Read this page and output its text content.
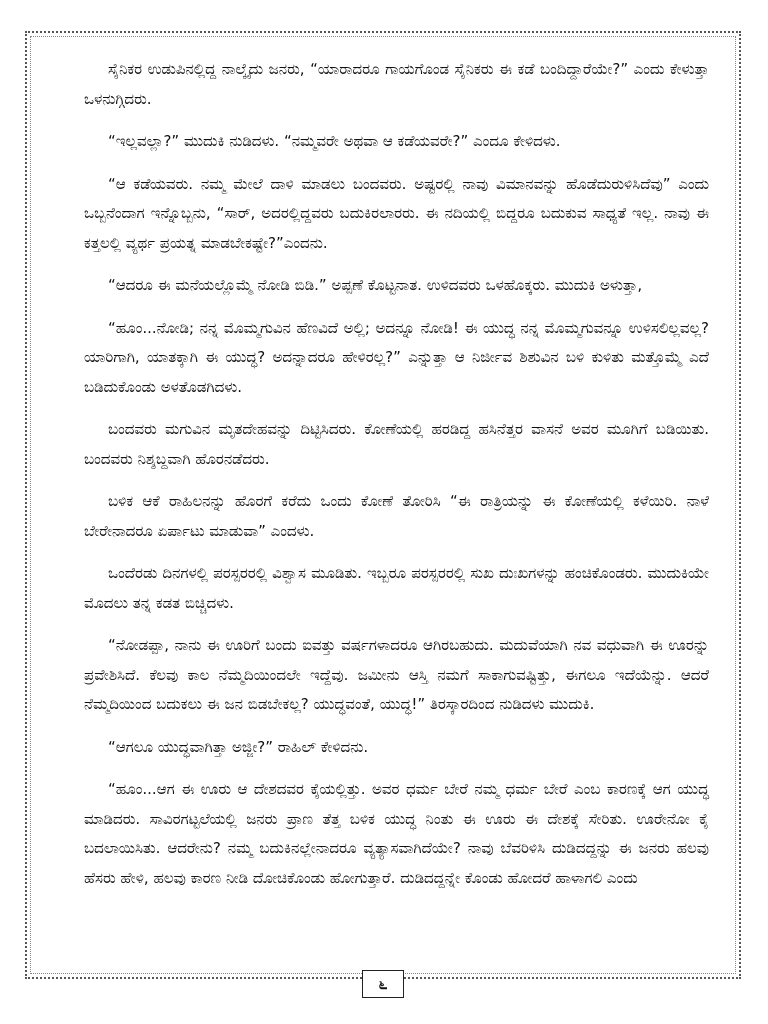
ಸೈನಿಕರ ಉಡುಪಿನಲ್ಲಿದ್ದ ನಾಲ್ಕೈದು ಜನರು, “ಯಾರಾದರೂ ಗಾಯಗೊಂಡ ಸೈನಿಕರು ಈ ಕಡೆ ಬಂದಿದ್ದಾರೆಯೇ?” ಎಂದು ಕೇಳುತ್ತಾ ಒಳನುಗ್ಗಿದರು.

“ಇಲ್ಲವಲ್ಲಾ?” ಮುದುಕಿ ನುಡಿದಳು. “ನಮ್ಮವರೇ ಅಥವಾ ಆ ಕಡೆಯವರೇ?” ಎಂದೂ ಕೇಳಿದಳು.

“ಆ ಕಡೆಯವರು. ನಮ್ಮ ಮೇಲೆ ದಾಳಿ ಮಾಡಲು ಬಂದವರು. ಅಷ್ಟರಲ್ಲಿ ನಾವು ವಿಮಾನವನ್ನು ಹೊಡೆದುರುಳಿಸಿದೆವು” ಎಂದು ಒಬ್ಬನೆಂದಾಗ ಇನ್ನೊಬ್ಬನು, “ಸಾರ್, ಅದರಲ್ಲಿದ್ದವರು ಬದುಕಿರಲಾರರು. ಈ ನದಿಯಲ್ಲಿ ಬಿದ್ದರೂ ಬದುಕುವ ಸಾಧ್ಯತೆ ಇಲ್ಲ. ನಾವು ಈ ಕತ್ತಲಲ್ಲಿ ವ್ಯರ್ಥ ಪ್ರಯತ್ನ ಮಾಡಬೇಕಷ್ಟೇ?”ಎಂದನು.

“ಆದರೂ ಈ ಮನೆಯಲ್ಲೊಮ್ಮೆ ನೋಡಿ ಬಿಡಿ.” ಅಪ್ಪಣೆ ಕೊಟ್ಟನಾತ. ಉಳಿದವರು ಒಳಹೊಕ್ಕರು. ಮುದುಕಿ ಅಳುತ್ತಾ,

“ಹೂಂ...ನೋಡಿ; ನನ್ನ ಮೊಮ್ಮಗುವಿನ ಹೆಣವಿದೆ ಅಲ್ಲಿ; ಅದನ್ನೂ ನೋಡಿ! ಈ ಯುದ್ಧ ನನ್ನ ಮೊಮ್ಮಗುವನ್ನೂ ಉಳಿಸಲಿಲ್ಲವಲ್ಲ? ಯಾರಿಗಾಗಿ, ಯಾತಕ್ಕಾಗಿ ಈ ಯುದ್ಧ? ಅದನ್ನಾದರೂ ಹೇಳಿರಲ್ಲ?” ಎನ್ನುತ್ತಾ ಆ ನಿರ್ಜೀವ ಶಿಶುವಿನ ಬಳಿ ಕುಳಿತು ಮತ್ತೊಮ್ಮೆ ಎದೆ ಬಡಿದುಕೊಂಡು ಅಳತೊಡಗಿದಳು.

ಬಂದವರು ಮಗುವಿನ ಮೃತದೇಹವನ್ನು ದಿಟ್ಟಿಸಿದರು. ಕೋಣೆಯಲ್ಲಿ ಹರಡಿದ್ದ ಹಸಿನೆತ್ತರ ವಾಸನೆ ಅವರ ಮೂಗಿಗೆ ಬಡಿಯಿತು. ಬಂದವರು ನಿಶ್ಶಬ್ದವಾಗಿ ಹೊರನಡೆದರು.

ಬಳಿಕ ಆಕೆ ರಾಹಿಲನನ್ನು ಹೊರಗೆ ಕರೆದು ಒಂದು ಕೋಣೆ ತೋರಿಸಿ “ಈ ರಾತ್ರಿಯನ್ನು ಈ ಕೋಣೆಯಲ್ಲಿ ಕಳೆಯಿರಿ. ನಾಳೆ ಬೇರೇನಾದರೂ ಏರ್ಪಾಟು ಮಾಡುವಾ” ಎಂದಳು.

ಒಂದೆರಡು ದಿನಗಳಲ್ಲಿ ಪರಸ್ಪರರಲ್ಲಿ ವಿಶ್ವಾಸ ಮೂಡಿತು. ಇಬ್ಬರೂ ಪರಸ್ಪರರಲ್ಲಿ ಸುಖ ದುಃಖಗಳನ್ನು ಹಂಚಿಕೊಂಡರು. ಮುದುಕಿಯೇ ಮೊದಲು ತನ್ನ ಕಡತ ಬಿಚ್ಚಿದಳು.

“ನೋಡಪ್ಪಾ, ನಾನು ಈ ಊರಿಗೆ ಬಂದು ಐವತ್ತು ವರ್ಷಗಳಾದರೂ ಆಗಿರಬಹುದು. ಮದುವೆಯಾಗಿ ನವ ವಧುವಾಗಿ ಈ ಊರನ್ನು ಪ್ರವೇಶಿಸಿದೆ. ಕೆಲವು ಕಾಲ ನೆಮ್ಮದಿಯಿಂದಲೇ ಇದ್ದೆವು. ಜಮೀನು ಆಸ್ತಿ ನಮಗೆ ಸಾಕಾಗುವಷ್ಟಿತ್ತು, ಈಗಲೂ ಇದೆಯೆನ್ನು. ಆದರೆ ನೆಮ್ಮದಿಯಿಂದ ಬದುಕಲು ಈ ಜನ ಬಿಡಬೇಕಲ್ಲ? ಯುದ್ಧವಂತೆ, ಯುದ್ಧ!” ತಿರಸ್ಕಾರದಿಂದ ನುಡಿದಳು ಮುದುಕಿ.

“ಆಗಲೂ ಯುದ್ಧವಾಗಿತ್ತಾ ಅಜ್ಜೀ?” ರಾಹಿಲ್ ಕೇಳಿದನು.

“ಹೂಂ...ಆಗ ಈ ಊರು ಆ ದೇಶದವರ ಕೈಯಲ್ಲಿತ್ತು. ಅವರ ಧರ್ಮ ಬೇರೆ ನಮ್ಮ ಧರ್ಮ ಬೇರೆ ಎಂಬ ಕಾರಣಕ್ಕೆ ಆಗ ಯುದ್ಧ ಮಾಡಿದರು. ಸಾವಿರಗಟ್ಟಲೆಯಲ್ಲಿ ಜನರು ಪ್ರಾಣ ತೆತ್ತ ಬಳಿಕ ಯುದ್ಧ ನಿಂತು ಈ ಊರು ಈ ದೇಶಕ್ಕೆ ಸೇರಿತು. ಊರೇನೋ ಕೈ ಬದಲಾಯಿಸಿತು. ಆದರೇನು? ನಮ್ಮ ಬದುಕಿನಲ್ಲೇನಾದರೂ ವ್ಯತ್ಯಾಸವಾಗಿದೆಯೇ? ನಾವು ಬೆವರಿಳಿಸಿ ದುಡಿದದ್ದನ್ನು ಈ ಜನರು ಹಲವು ಹೆಸರು ಹೇಳಿ, ಹಲವು ಕಾರಣ ನೀಡಿ ದೋಚಿಕೊಂಡು ಹೋಗುತ್ತಾರೆ. ದುಡಿದದ್ದನ್ನೇ ಕೊಂಡು ಹೋದರೆ ಹಾಳಾಗಲಿ ಎಂದು

೬
